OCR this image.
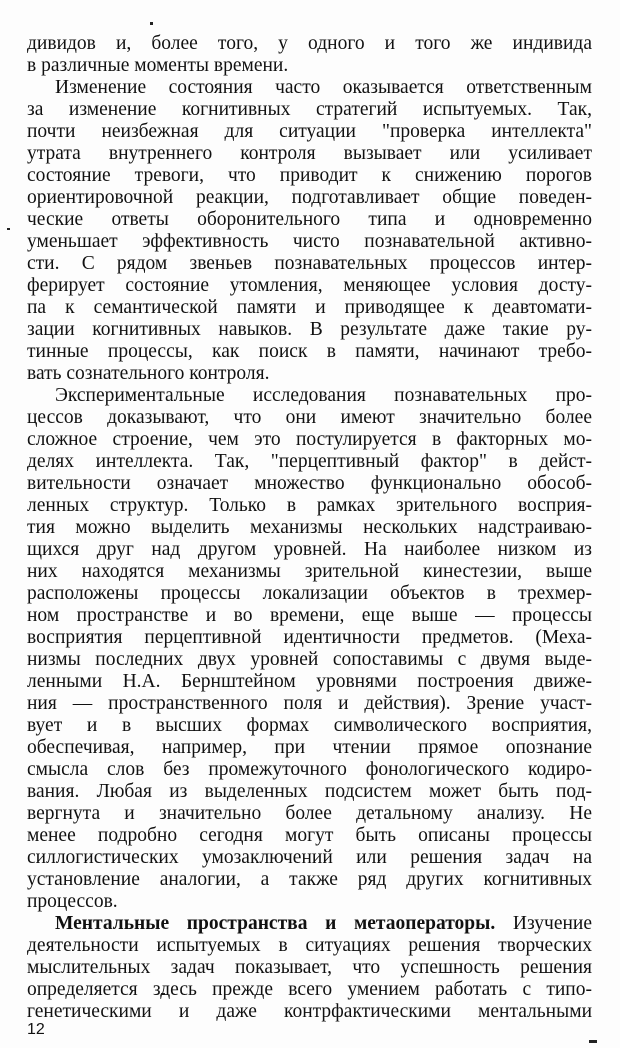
дивидов и, более того, у одного и того же индивида
в различные моменты времени.
Изменение состояния часто оказывается ответственным
за изменение когнитивных стратегий испытуемых. Так,
почти неизбежная для ситуации "проверка интеллекта"
утрата внутреннего контроля вызывает или усиливает
состояние тревоги, что приводит к снижению порогов
ориентировочной реакции, подготавливает общие поведен-
ческие ответы оборонительного типа и одновременно
уменьшает эффективность чисто познавательной активно-
сти. С рядом звеньев познавательных процессов интер-
ферирует состояние утомления, меняющее условия досту-
па к семантической памяти и приводящее к деавтомати-
зации когнитивных навыков. В результате даже такие ру-
тинные процессы, как поиск в памяти, начинают требо-
вать сознательного контроля.
Экспериментальные исследования познавательных про-
цессов доказывают, что они имеют значительно более
сложное строение, чем это постулируется в факторных мо-
делях интеллекта. Так, "перцептивный фактор" в дейст-
вительности означает множество функционально обособ-
ленных структур. Только в рамках зрительного восприя-
тия можно выделить механизмы нескольких надстраиваю-
щихся друг над другом уровней. На наиболее низком из
них находятся механизмы зрительной кинестезии, выше
расположены процессы локализации объектов в трехмер-
ном пространстве и во времени, еще выше — процессы
восприятия перцептивной идентичности предметов. (Меха-
низмы последних двух уровней сопоставимы с двумя выде-
ленными Н.А. Бернштейном уровнями построения движе-
ния — пространственного поля и действия). Зрение участ-
вует и в высших формах символического восприятия,
обеспечивая, например, при чтении прямое опознание
смысла слов без промежуточного фонологического кодиро-
вания. Любая из выделенных подсистем может быть под-
вергнута и значительно более детальному анализу. Не
менее подробно сегодня могут быть описаны процессы
силлогистических умозаключений или решения задач на
установление аналогии, а также ряд других когнитивных
процессов.
Ментальные пространства и метаоператоры. Изучение
деятельности испытуемых в ситуациях решения творческих
мыслительных задач показывает, что успешность решения
определяется здесь прежде всего умением работать с типо-
генетическими и даже контрфактическими ментальными
12
